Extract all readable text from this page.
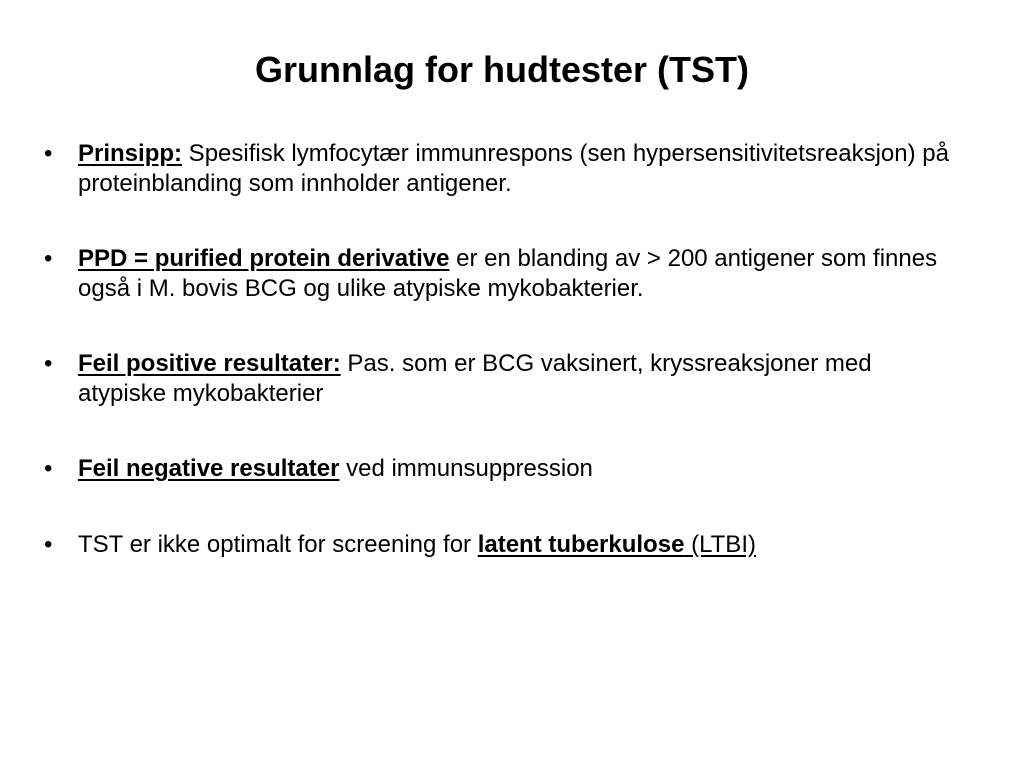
Grunnlag for hudtester (TST)
•	Prinsipp: Spesifisk lymfocytær immunrespons (sen hypersensitivitetsreaksjon) på proteinblanding som innholder antigener.
•	PPD = purified protein derivative er en blanding av > 200 antigener som finnes også i M. bovis BCG og ulike atypiske mykobakterier.
•	Feil positive resultater: Pas. som er BCG vaksinert, kryssreaksjoner med atypiske mykobakterier
•	Feil negative resultater ved immunsuppression
•	TST er ikke optimalt for screening for latent tuberkulose (LTBI)
